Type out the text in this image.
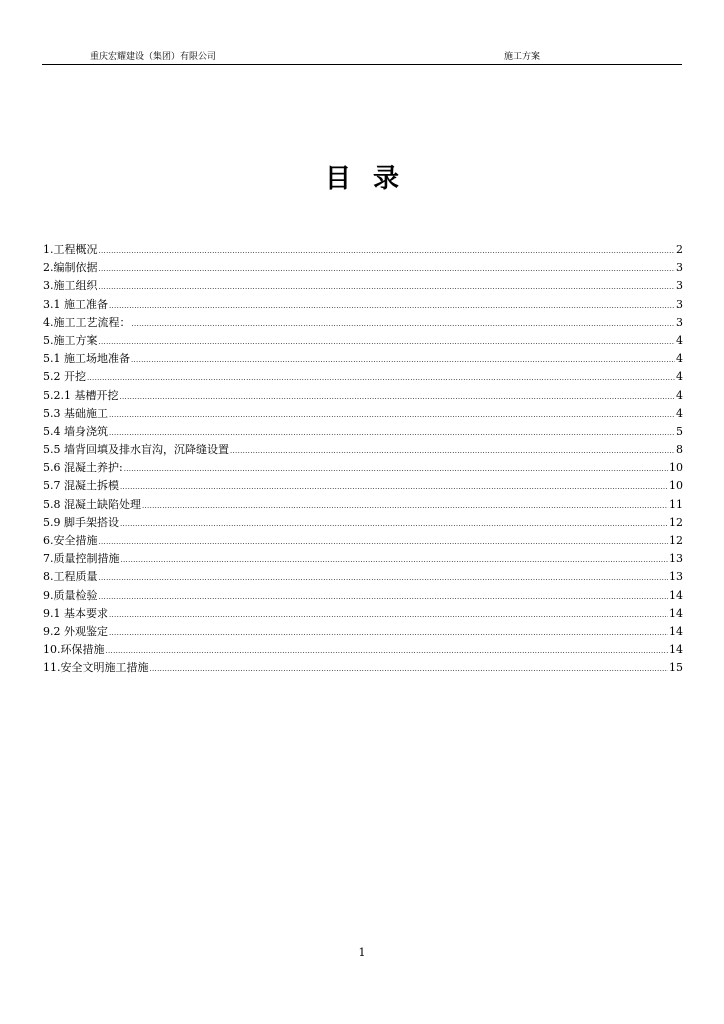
重庆宏耀建设（集团）有限公司	施工方案
目录
1.工程概况 .....	2
2.编制依据 .....	3
3.施工组织 .....	3
3.1 施工准备 .....	3
4.施工工艺流程： .....	3
5.施工方案 .....	4
5.1 施工场地准备 .....	4
5.2 开挖 .....	4
5.2.1 基槽开挖 .....	4
5.3 基础施工 .....	4
5.4 墙身浇筑 .....	5
5.5 墙背回填及排水盲沟，沉降缝设置 .....	8
5.6 混凝土养护: .....	10
5.7 混凝土拆模 .....	10
5.8 混凝土缺陷处理 .....	11
5.9 脚手架搭设 .....	12
6.安全措施 .....	12
7.质量控制措施 .....	13
8.工程质量 .....	13
9.质量检验 .....	14
9.1 基本要求 .....	14
9.2 外观鉴定 .....	14
10.环保措施 .....	14
11.安全文明施工措施 .....	15
1
